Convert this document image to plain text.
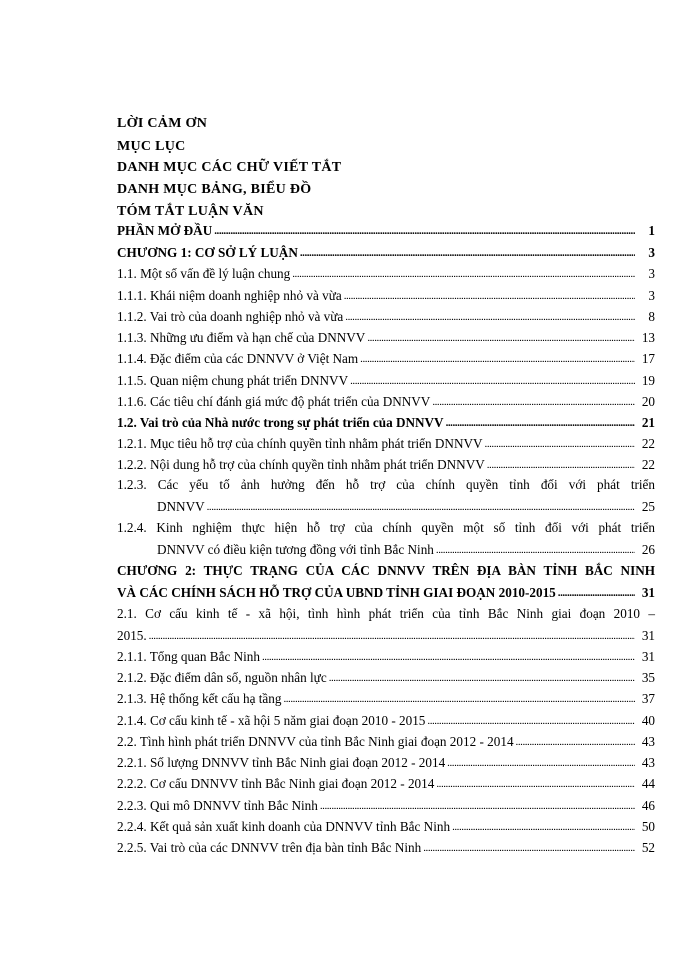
LỜI CẢM ƠN
MỤC LỤC
DANH MỤC CÁC CHỮ VIẾT TẮT
DANH MỤC BẢNG, BIỂU ĐỒ
TÓM TẮT LUẬN VĂN
PHẦN MỞ ĐẦU . . .	1
CHƯƠNG 1: CƠ SỞ LÝ LUẬN . . .	3
1.1. Một số vấn đề lý luận chung . . .	3
1.1.1. Khái niệm doanh nghiệp nhỏ và vừa . . .	3
1.1.2. Vai trò của doanh nghiệp nhỏ và vừa . . .	8
1.1.3. Những ưu điểm và hạn chế của DNNVV . . .	13
1.1.4. Đặc điểm của các DNNVV ở Việt Nam . . .	17
1.1.5. Quan niệm chung phát triển DNNVV . . .	19
1.1.6. Các tiêu chí đánh giá mức độ phát triển của DNNVV . . .	20
1.2. Vai trò của Nhà nước trong sự phát triển của DNNVV . . .	21
1.2.1. Mục tiêu hỗ trợ của chính quyền tỉnh nhằm phát triển DNNVV . . .	22
1.2.2. Nội dung hỗ trợ của chính quyền tỉnh nhằm phát triển DNNVV . . .	22
1.2.3. Các yếu tố ảnh hưởng đến hỗ trợ của chính quyền tỉnh đối với phát triển
DNNVV . . .	25
1.2.4. Kinh nghiệm thực hiện hỗ trợ của chính quyền một số tỉnh đối với phát triển
DNNVV có điều kiện tương đồng với tỉnh Bắc Ninh . . .	26
CHƯƠNG 2: THỰC TRẠNG CỦA CÁC DNNVV TRÊN ĐỊA BÀN TỈNH BẮC NINH
VÀ CÁC CHÍNH SÁCH HỖ TRỢ CỦA UBND TỈNH GIAI ĐOẠN 2010-2015 . . .	31
2.1. Cơ cấu kinh tế - xã hội, tình hình phát triển của tỉnh Bắc Ninh giai đoạn 2010 –
2015. . . .	31
2.1.1. Tổng quan Bắc Ninh . . .	31
2.1.2. Đặc điểm dân số, nguồn nhân lực . . .	35
2.1.3. Hệ thống kết cấu hạ tầng . . .	37
2.1.4. Cơ cấu kinh tế - xã hội 5 năm giai đoạn 2010 - 2015 . . .	40
2.2. Tình hình phát triển DNNVV của tỉnh Bắc Ninh giai đoạn 2012 - 2014 . . .	43
2.2.1. Số lượng DNNVV tỉnh Bắc Ninh giai đoạn 2012 - 2014 . . .	43
2.2.2. Cơ cấu DNNVV tỉnh Bắc Ninh giai đoạn 2012 - 2014 . . .	44
2.2.3. Qui mô DNNVV tỉnh Bắc Ninh . . .	46
2.2.4. Kết quả sản xuất kinh doanh của DNNVV tỉnh Bắc Ninh . . .	50
2.2.5. Vai trò của các DNNVV trên địa bàn tỉnh Bắc Ninh . . .	52
